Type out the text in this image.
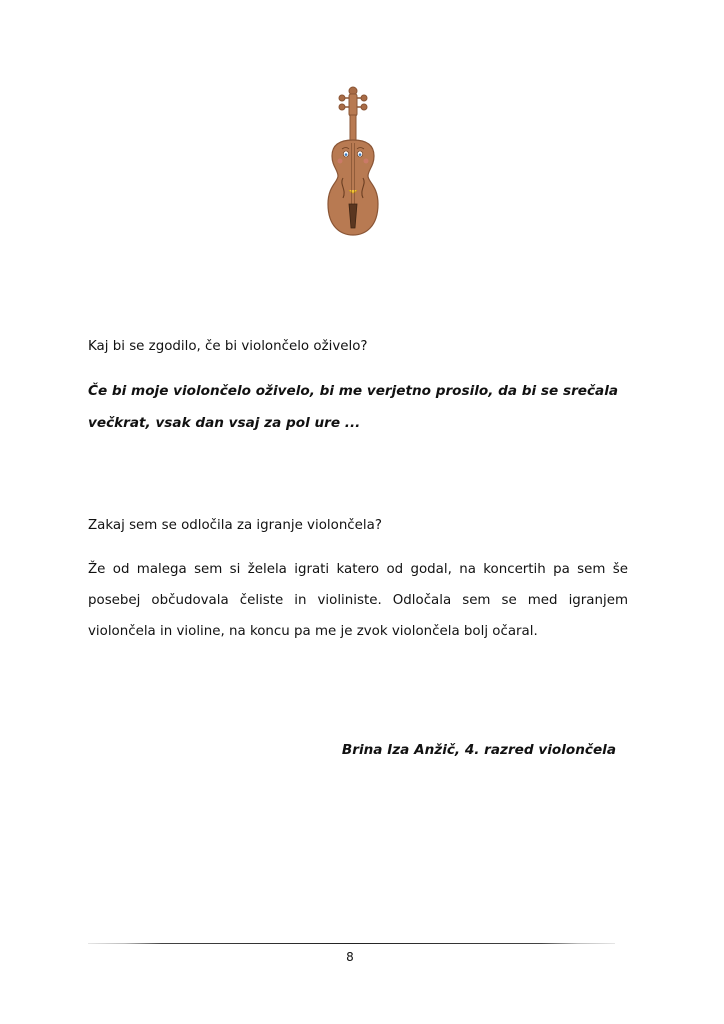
Kaj bi se zgodilo, če bi violončelo oživelo?

Če bi moje violončelo oživelo, bi me verjetno prosilo, da bi se srečala večkrat, vsak dan vsaj za pol ure ...

Zakaj sem se odločila za igranje violončela?

Že od malega sem si želela igrati katero od godal, na koncertih pa sem še posebej občudovala čeliste in violiniste. Odločala sem se med igranjem violončela in violine, na koncu pa me je zvok violončela bolj očaral.

Brina Iza Anžič, 4. razred violončela
8
